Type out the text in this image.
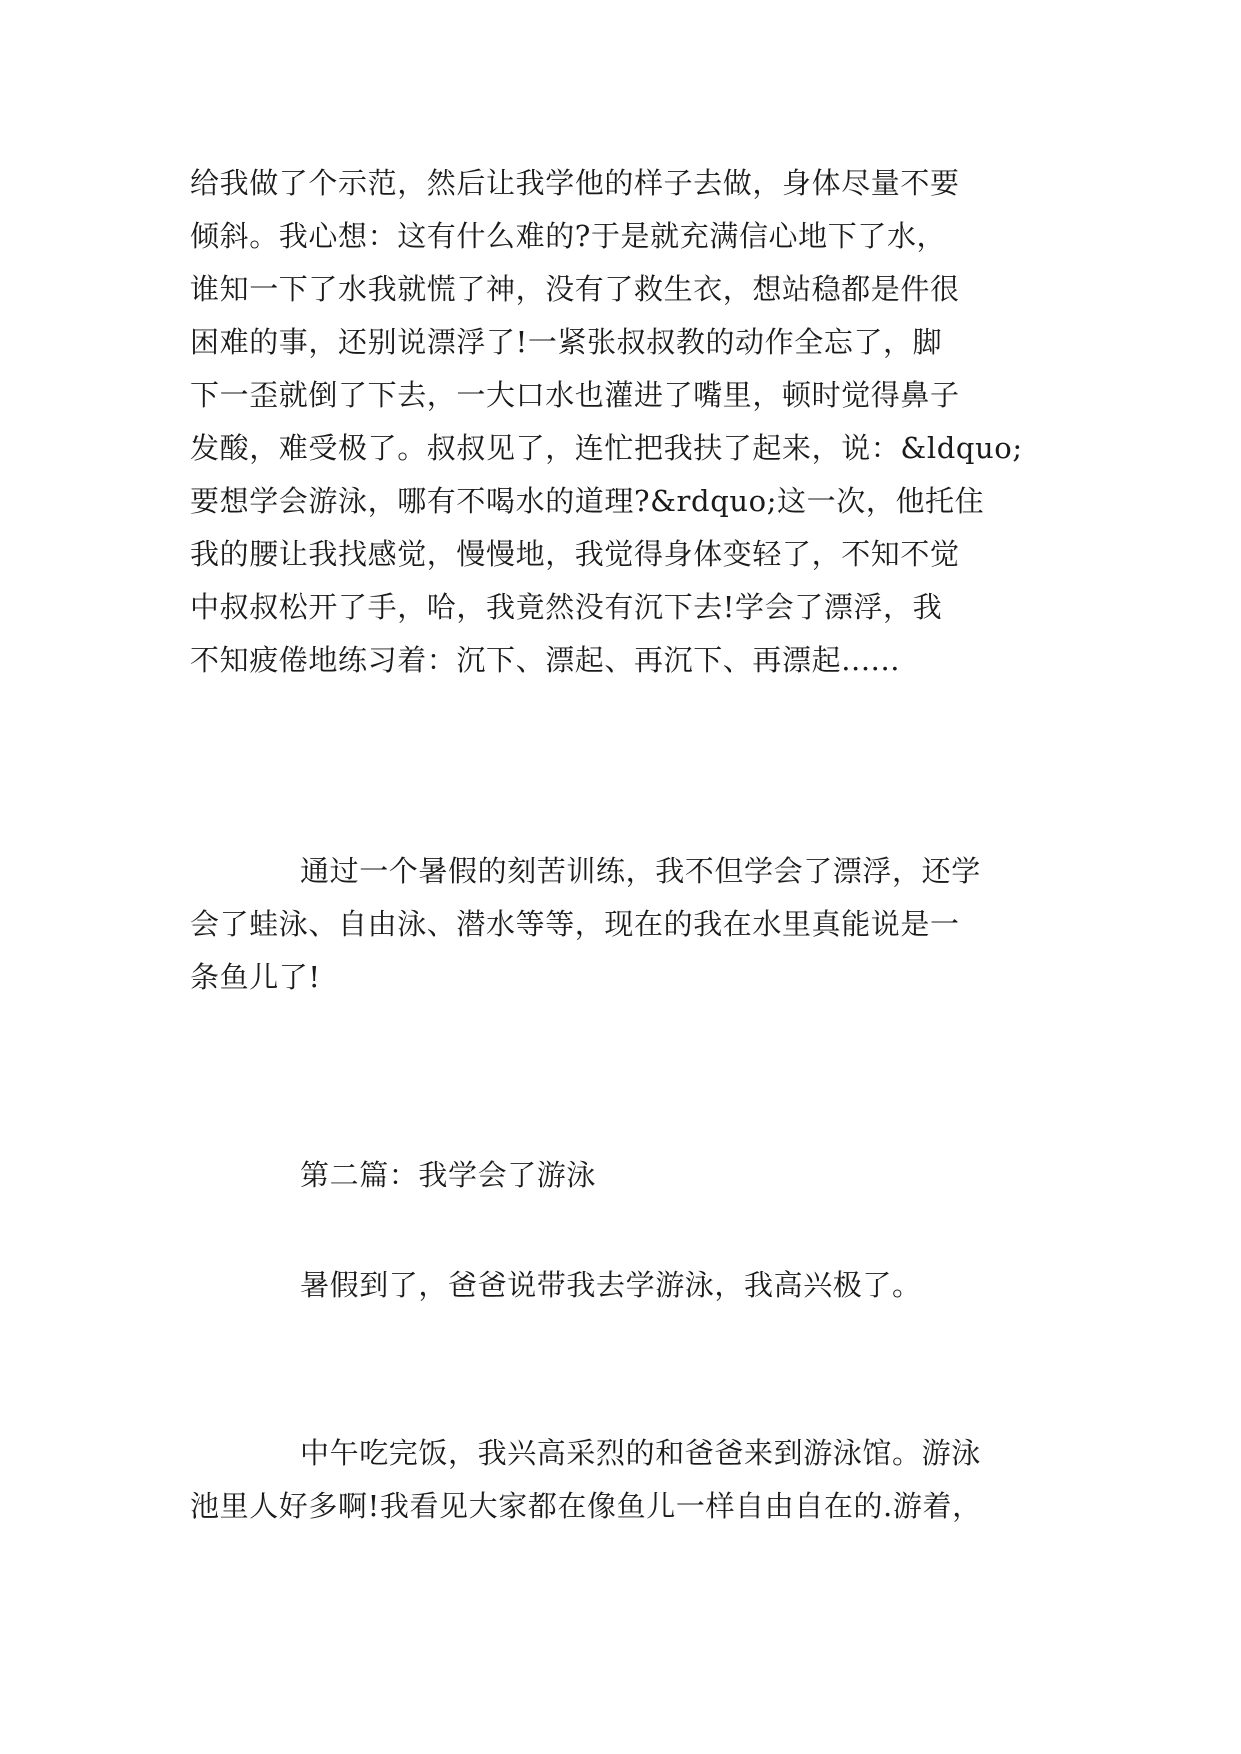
给我做了个示范，然后让我学他的样子去做，身体尽量不要
倾斜。我心想：这有什么难的?于是就充满信心地下了水，
谁知一下了水我就慌了神，没有了救生衣，想站稳都是件很
困难的事，还别说漂浮了!一紧张叔叔教的动作全忘了，脚
下一歪就倒了下去，一大口水也灌进了嘴里，顿时觉得鼻子
发酸，难受极了。叔叔见了，连忙把我扶了起来，说：&ldquo;
要想学会游泳，哪有不喝水的道理?&rdquo;这一次，他托住
我的腰让我找感觉，慢慢地，我觉得身体变轻了，不知不觉
中叔叔松开了手，哈，我竟然没有沉下去!学会了漂浮，我
不知疲倦地练习着：沉下、漂起、再沉下、再漂起......
通过一个暑假的刻苦训练，我不但学会了漂浮，还学
会了蛙泳、自由泳、潜水等等，现在的我在水里真能说是一
条鱼儿了!
第二篇：我学会了游泳
暑假到了，爸爸说带我去学游泳，我高兴极了。
中午吃完饭，我兴高采烈的和爸爸来到游泳馆。游泳
池里人好多啊!我看见大家都在像鱼儿一样自由自在的.游着，
